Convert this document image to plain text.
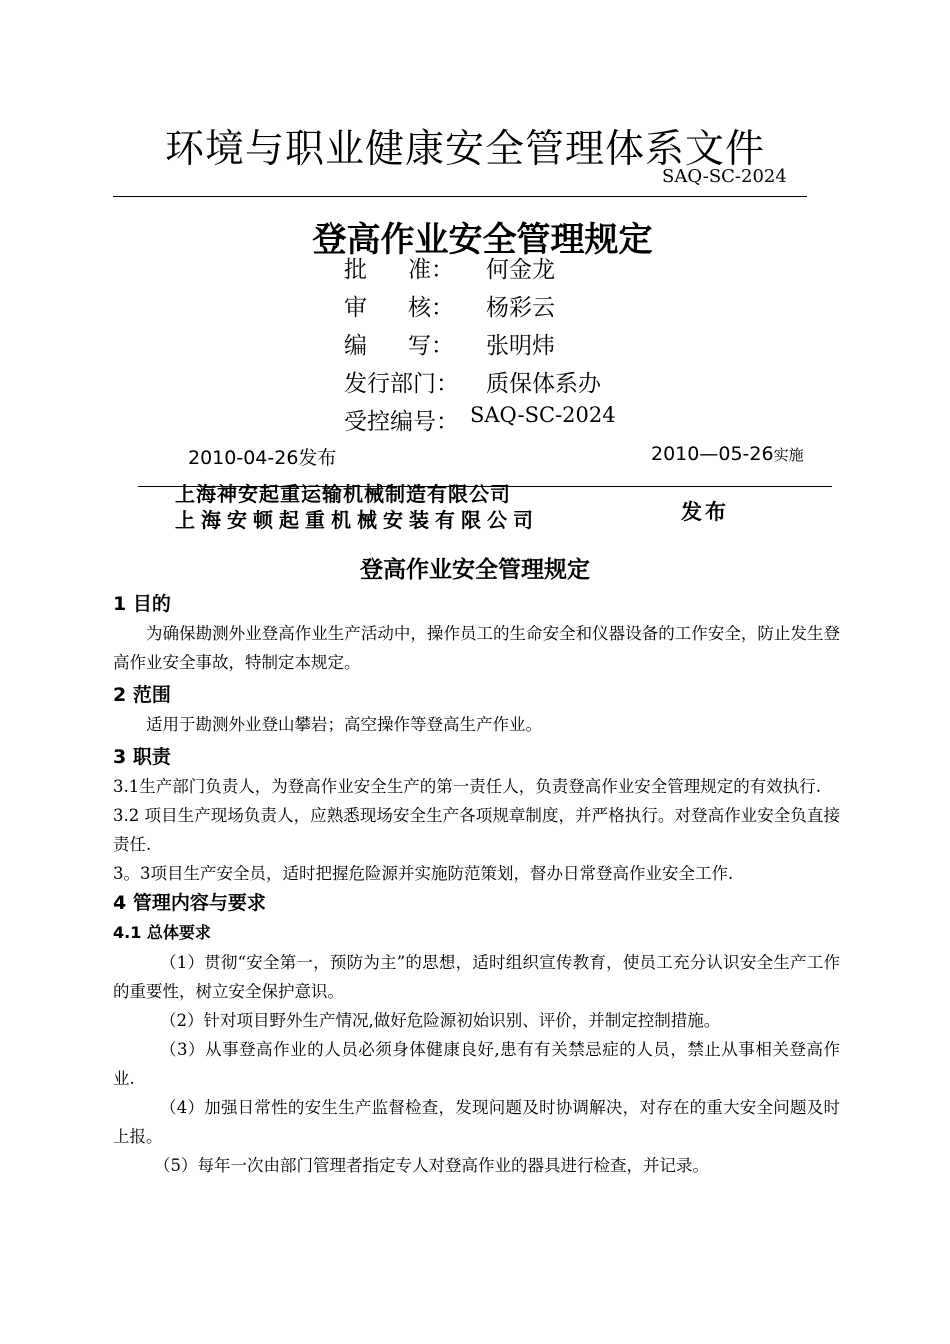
环境与职业健康安全管理体系文件
SAQ-SC-2024
登高作业安全管理规定
批 准： 何金龙
审 核： 杨彩云
编 写： 张明炜
发行部门：	质保体系办
受控编号： SAQ-SC-2024
2010-04-26发布	2010—05-26实施
上海神安起重运输机械制造有限公司
上海安顿起重机械安装有限公司	发布
登高作业安全管理规定
1 目的

为确保勘测外业登高作业生产活动中，操作员工的生命安全和仪器设备的工作安全，防止发生登高作业安全事故，特制定本规定。

2 范围

适用于勘测外业登山攀岩；高空操作等登高生产作业。

3 职责

3.1生产部门负责人，为登高作业安全生产的第一责任人，负责登高作业安全管理规定的有效执行.

3.2 项目生产现场负责人，应熟悉现场安全生产各项规章制度，并严格执行。对登高作业安全负直接责任.

3。3项目生产安全员，适时把握危险源并实施防范策划，督办日常登高作业安全工作.

4 管理内容与要求
4.1 总体要求

（1）贯彻“安全第一，预防为主”的思想，适时组织宣传教育，使员工充分认识安全生产工作的重要性，树立安全保护意识。

（2）针对项目野外生产情况,做好危险源初始识别、评价，并制定控制措施。

（3）从事登高作业的人员必须身体健康良好,患有有关禁忌症的人员，禁止从事相关登高作业.

（4）加强日常性的安生生产监督检查，发现问题及时协调解决，对存在的重大安全问题及时上报。

（5）每年一次由部门管理者指定专人对登高作业的器具进行检查，并记录。
